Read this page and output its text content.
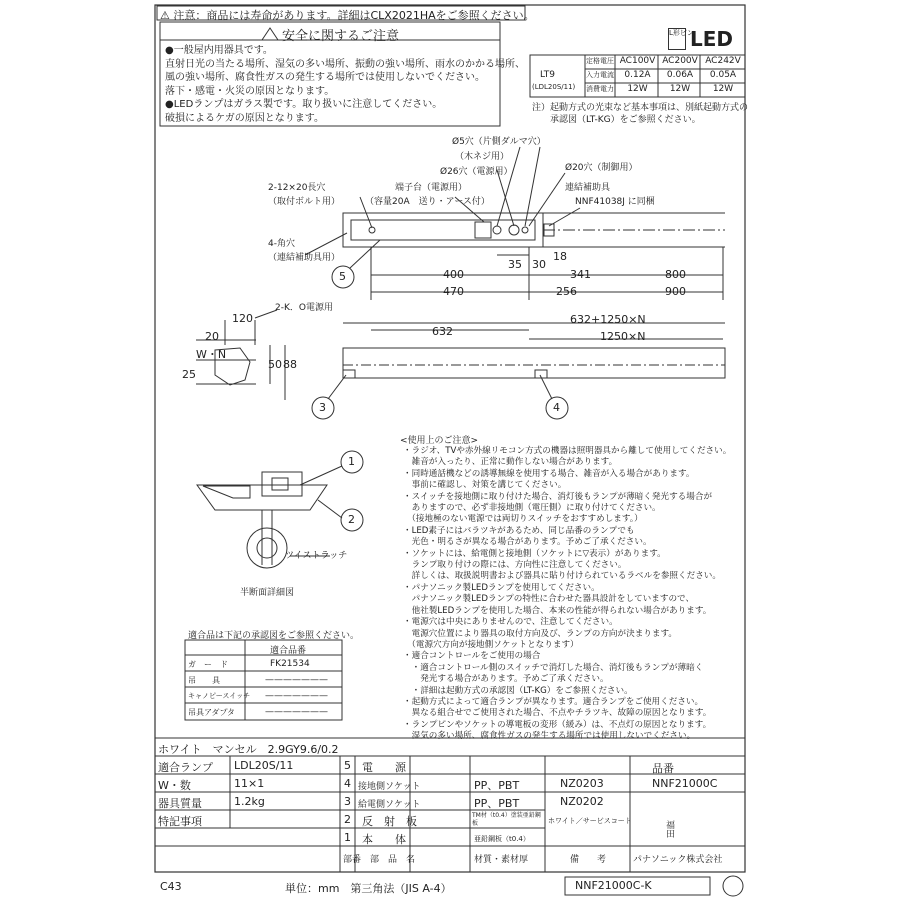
⚠ 注意：商品には寿命があります。詳細はCLX2021HAをご参照ください。
安全に関するご注意
●一般屋内用器具です。
直射日光の当たる場所、湿気の多い場所、振動の強い場所、雨水のかかる場所、
風の強い場所、腐食性ガスの発生する場所では使用しないでください。
落下・感電・火災の原因となります。
●LEDランプはガラス製です。取り扱いに注意してください。
破損によるケガの原因となります。
L形ピン
LED
LT9
(LDL20S/11)
定格電圧 AC100V AC200V AC242V
入力電流	0.12A	0.06A	0.05A
消費電力	12W	12W	12W
注）起動方式の光束など基本事項は、別紙起動方式の
承認図（LT-KG）をご参照ください。
Ø5穴（片側ダルマ穴）
（木ネジ用）
Ø26穴（電源用）	Ø20穴（制御用）
2-12×20長穴
（取付ボルト用）
端子台（電源用）
（容量20A　送り・アース付）
連結補助具
NNF41038J に同梱
4-角穴
（連結補助具用）
2-K．O電源用
ツイストラッチ
半断面詳細図
35 30
18
400	341	800
470	256	900
120
20	632
632+1250×N
1250×N
25
50 88
W・N
5
3	4
1
2
<使用上のご注意>
・ラジオ、TVや赤外線リモコン方式の機器は照明器具から離して使用してください。
　雑音が入ったり、正常に動作しない場合があります。
・同時通話機などの誘導無線を使用する場合、雑音が入る場合があります。
　事前に確認し、対策を講じてください。
・スイッチを接地側に取り付けた場合、消灯後もランプが薄暗く発光する場合が
　ありますので、必ず非接地側（電圧側）に取り付けてください。
　（接地極のない電源では両切りスイッチをおすすめします。）
・LED素子にはバラツキがあるため、同じ品番のランプでも
　光色・明るさが異なる場合があります。予めご了承ください。
・ソケットには、給電側と接地側（ソケットに▽表示）があります。
　ランプ取り付けの際には、方向性に注意してください。
　詳しくは、取扱説明書および器具に貼り付けられているラベルを参照ください。
・パナソニック製LEDランプを使用してください。
　パナソニック製LEDランプの特性に合わせた器具設計をしていますので、
　他社製LEDランプを使用した場合、本来の性能が得られない場合があります。
・電源穴は中央にありませんので、注意してください。
　電源穴位置により器具の取付方向及び、ランプの方向が決まります。
　（電源穴方向が接地側ソケットとなります）
・適合コントロールをご使用の場合
　・適合コントロール側のスイッチで消灯した場合、消灯後もランプが薄暗く
　　発光する場合があります。予めご了承ください。
　・詳細は起動方式の承認図（LT-KG）をご参照ください。
・起動方式によって適合ランプが異なります。適合ランプをご使用ください。
　異なる組合せでご使用された場合、不点やチラツキ、故障の原因となります。
・ランプピンやソケットの導電板の変形（緩み）は、不点灯の原因となります。
　湿気の多い場所、腐食性ガスの発生する場所では使用しないでください。
適合品は下記の承認図をご参照ください。
適合品番
ガ　ー　ド	FK21534
吊　　具	———————
キャノピースイッチ ———————
吊具アダプタ	———————
ホワイト　マンセル　2.9GY9.6/0.2
適合ランプ LDL20S/11
W・数	11×1
器具質量	1.2kg
特記事項
5 電　　源
4 接地側ソケット	PP、PBT	NZ0203
3 給電側ソケット	PP、PBT	NZ0202
2 反　射　板	TM材（t0.4）塗装亜鉛鋼板	ホワイト／サービスコート
1 本　　体	亜鉛鋼板（t0.4）
部番 部　品　名	材質・素材厚	備　　考
品番
NNF21000C
福田
パナソニック株式会社
C43	単位：mm　第三角法（JIS A-4）	NNF21000C-K
